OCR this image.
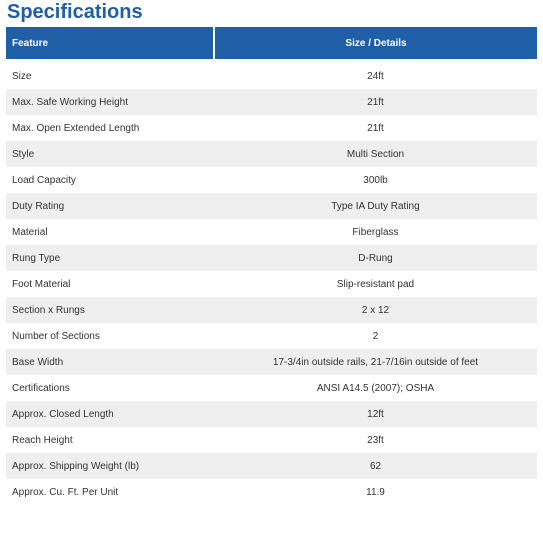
Specifications
Feature	Size / Details

Size	24ft
Max. Safe Working Height	21ft
Max. Open Extended Length	21ft
Style	Multi Section
Load Capacity	300lb
Duty Rating	Type IA Duty Rating
Material	Fiberglass
Rung Type	D-Rung
Foot Material	Slip-resistant pad
Section x Rungs	2 x 12
Number of Sections	2
Base Width	17-3/4in outside rails, 21-7/16in outside of feet
Certifications	ANSI A14.5 (2007); OSHA
Approx. Closed Length	12ft
Reach Height	23ft
Approx. Shipping Weight (lb)	62
Approx. Cu. Ft. Per Unit	11.9
